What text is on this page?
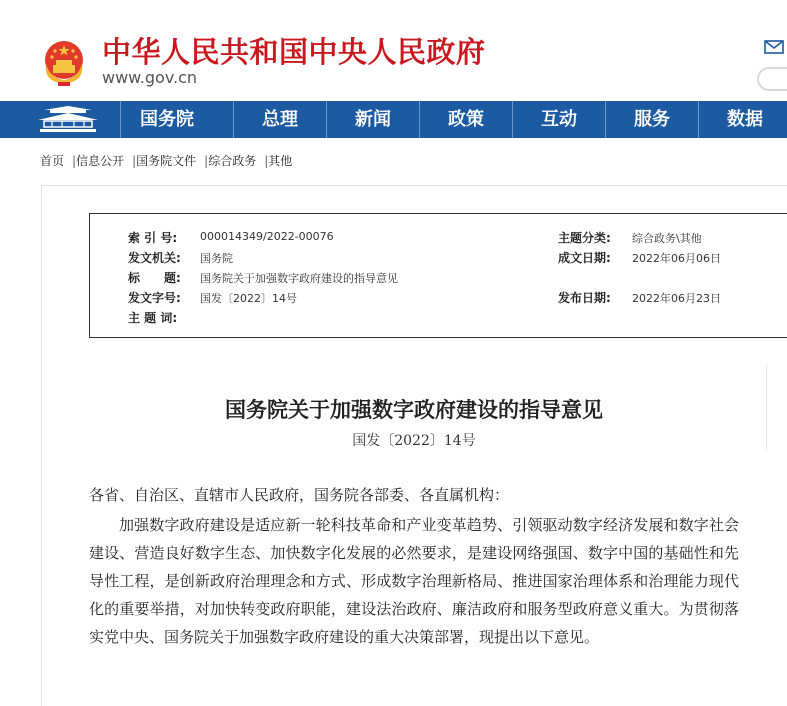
中华人民共和国中央人民政府
www.gov.cn
国务院	总理	新闻	政策	互动	服务	数据
首页 |信息公开 |国务院文件 |综合政务 |其他
索 引 号: 000014349/2022-00076
发文机关: 国务院
标　　题: 国务院关于加强数字政府建设的指导意见
发文字号: 国发〔2022〕14号
主 题 词:
主题分类: 综合政务\其他
成文日期: 2022年06月06日
发布日期: 2022年06月23日
国务院关于加强数字政府建设的指导意见
国发〔2022〕14号
各省、自治区、直辖市人民政府，国务院各部委、各直属机构：

加强数字政府建设是适应新一轮科技革命和产业变革趋势、引领驱动数字经济发展和数字社会建设、营造良好数字生态、加快数字化发展的必然要求，是建设网络强国、数字中国的基础性和先导性工程，是创新政府治理理念和方式、形成数字治理新格局、推进国家治理体系和治理能力现代化的重要举措，对加快转变政府职能，建设法治政府、廉洁政府和服务型政府意义重大。为贯彻落实党中央、国务院关于加强数字政府建设的重大决策部署，现提出以下意见。
